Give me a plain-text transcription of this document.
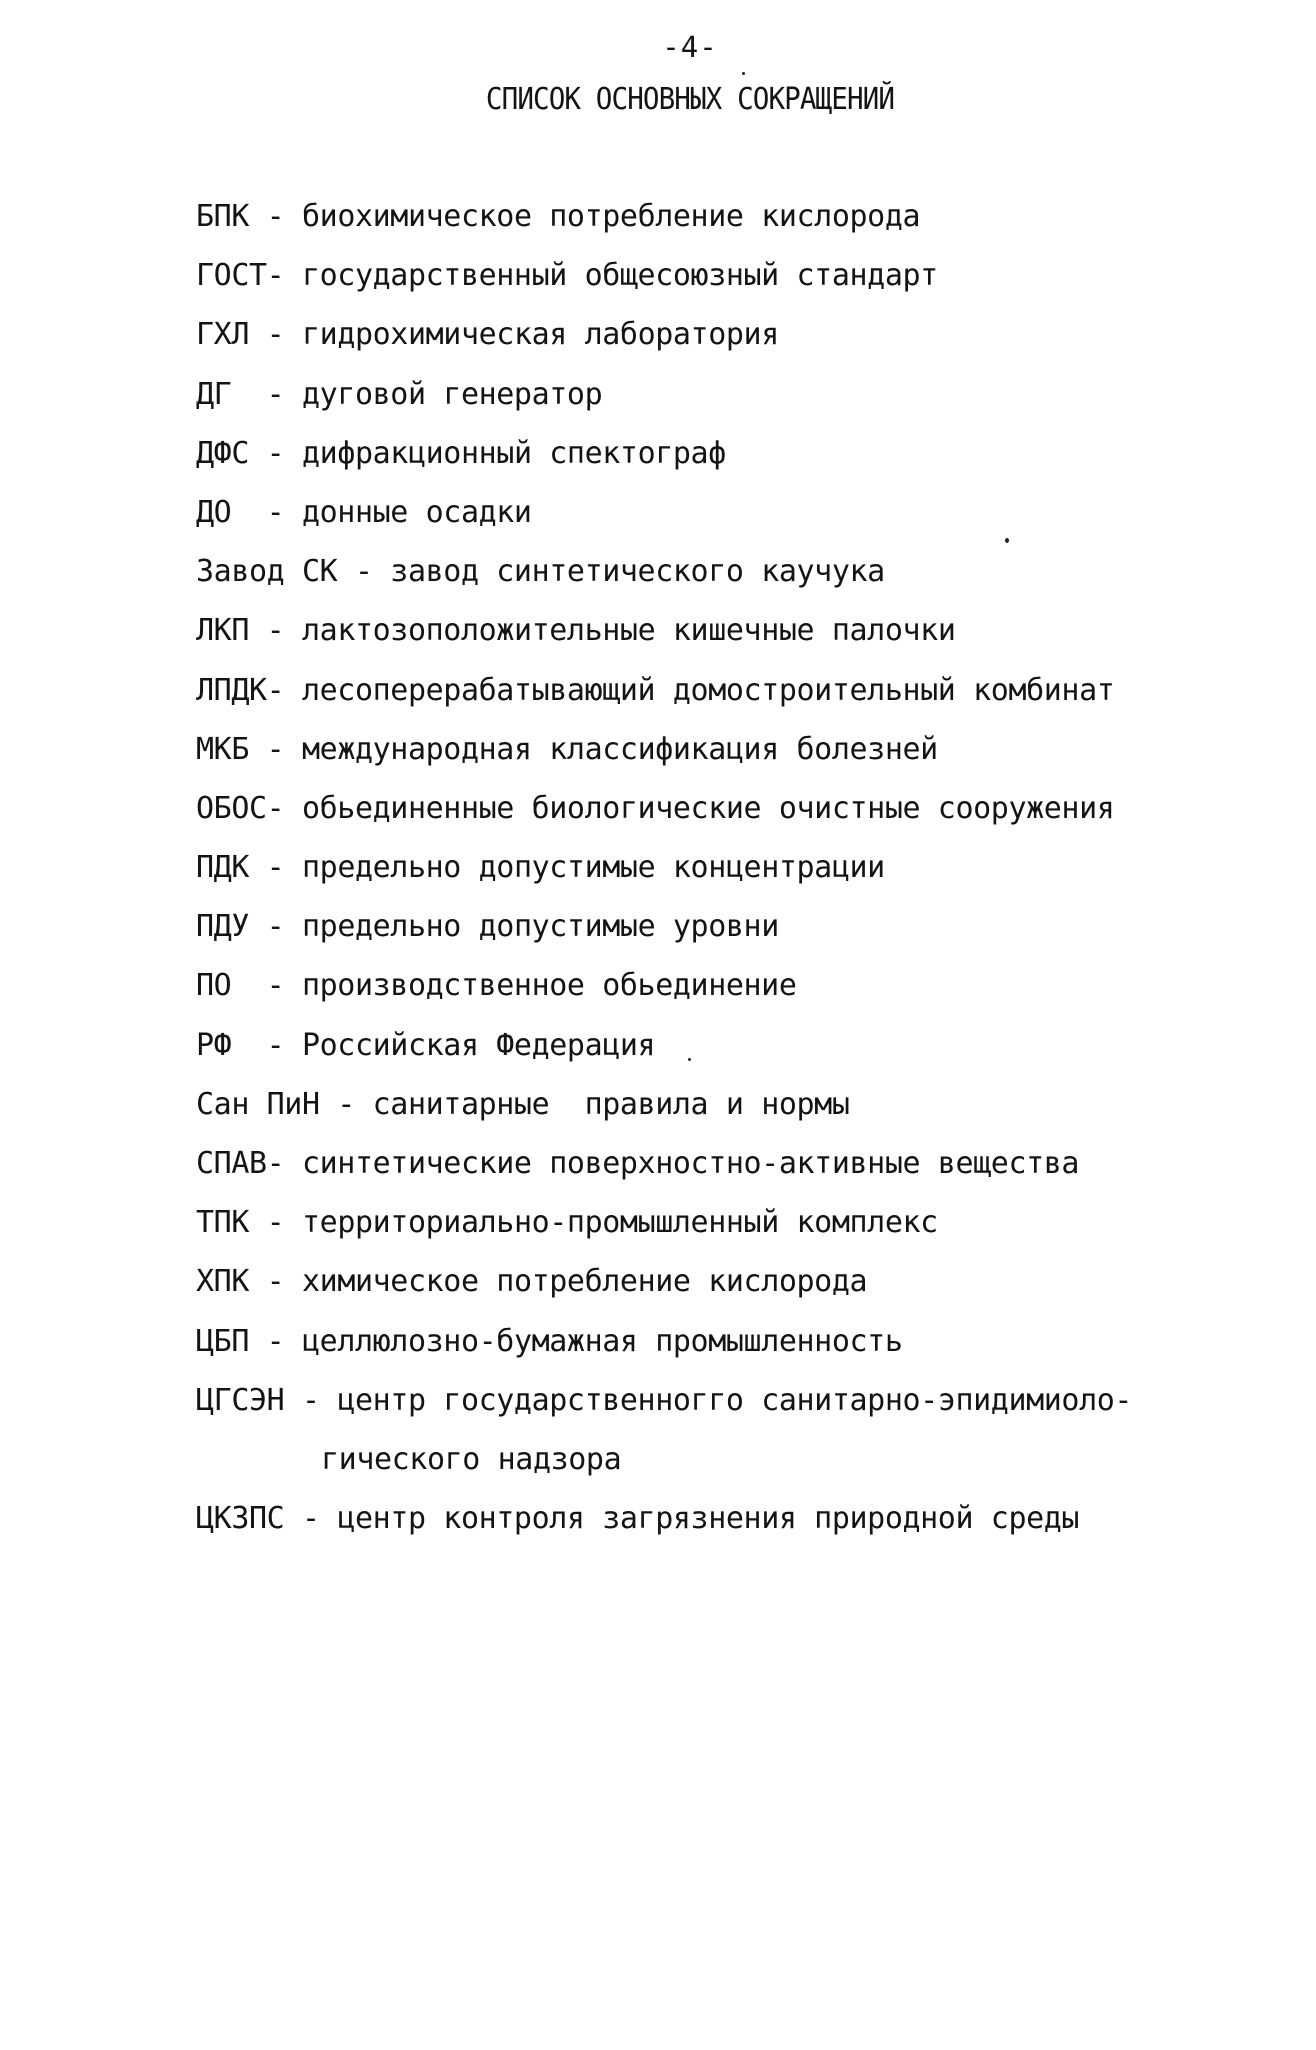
-4-
СПИСОК ОСНОВНЫХ СОКРАЩЕНИЙ
БПК - биохимическое потребление кислорода
ГОСТ- государственный общесоюзный стандарт
ГХЛ - гидрохимическая лаборатория
ДГ  - дуговой генератор
ДФС - дифракционный спектограф
ДО  - донные осадки
Завод СК - завод синтетического каучука
ЛКП - лактозоположительные кишечные палочки
ЛПДК- лесоперерабатывающий домостроительный комбинат
МКБ - международная классификация болезней
ОБОС- обьединенные биологические очистные сооружения
ПДК - предельно допустимые концентрации
ПДУ - предельно допустимые уровни
ПО  - производственное обьединение
РФ  - Российская Федерация
Сан ПиН - санитарные  правила и нормы
СПАВ- синтетические поверхностно-активные вещества
ТПК - территориально-промышленный комплекс
ХПК - химическое потребление кислорода
ЦБП - целлюлозно-бумажная промышленность
ЦГСЭН - центр государственногго санитарно-эпидимиоло-
гического надзора
ЦКЗПС - центр контроля загрязнения природной среды
